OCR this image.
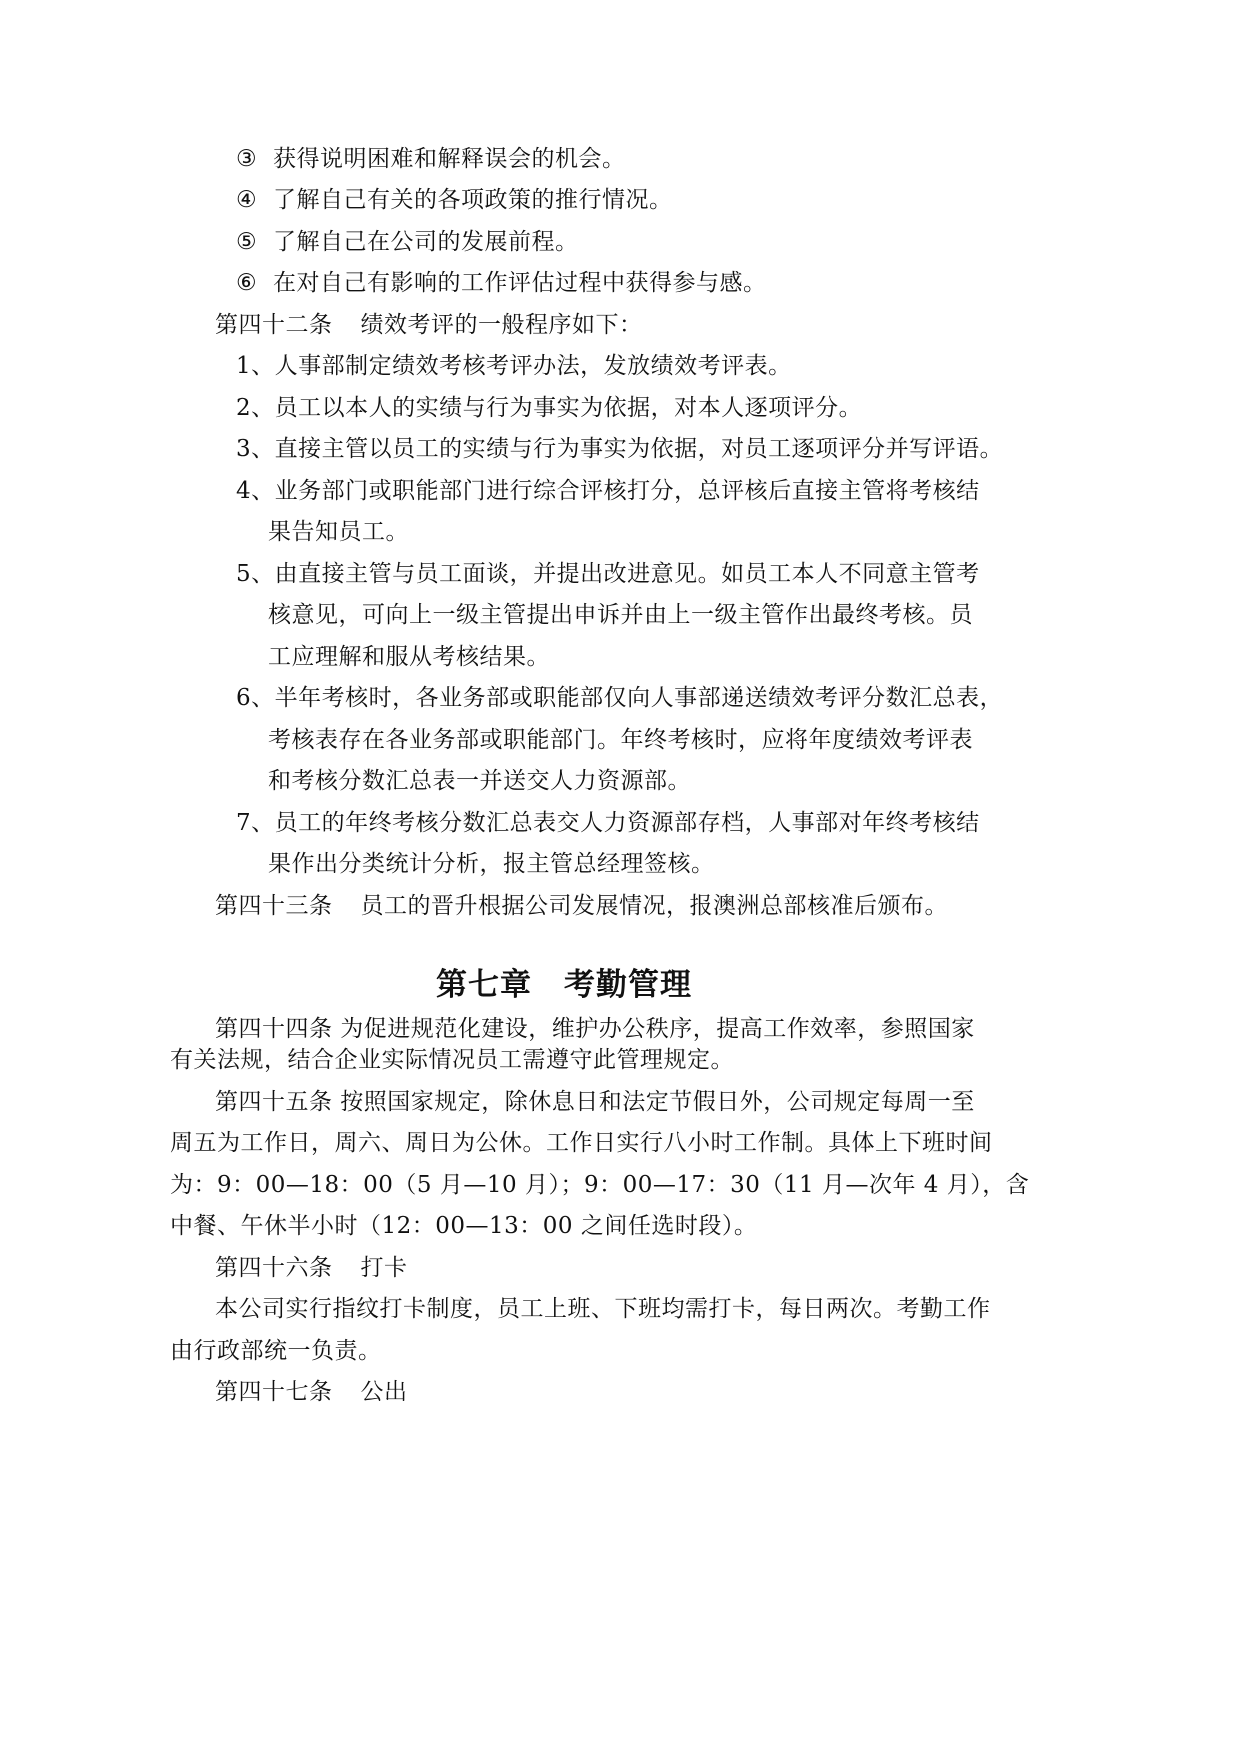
③ 获得说明困难和解释误会的机会。
④ 了解自己有关的各项政策的推行情况。
⑤ 了解自己在公司的发展前程。
⑥ 在对自己有影响的工作评估过程中获得参与感。
第四十二条 绩效考评的一般程序如下：
1、人事部制定绩效考核考评办法，发放绩效考评表。
2、员工以本人的实绩与行为事实为依据，对本人逐项评分。
3、直接主管以员工的实绩与行为事实为依据，对员工逐项评分并写评语。
4、业务部门或职能部门进行综合评核打分，总评核后直接主管将考核结
果告知员工。
5、由直接主管与员工面谈，并提出改进意见。如员工本人不同意主管考
核意见，可向上一级主管提出申诉并由上一级主管作出最终考核。员
工应理解和服从考核结果。
6、半年考核时，各业务部或职能部仅向人事部递送绩效考评分数汇总表，
考核表存在各业务部或职能部门。年终考核时，应将年度绩效考评表
和考核分数汇总表一并送交人力资源部。
7、员工的年终考核分数汇总表交人力资源部存档，人事部对年终考核结
果作出分类统计分析，报主管总经理签核。
第四十三条 员工的晋升根据公司发展情况，报澳洲总部核准后颁布。
第七章　考勤管理
第四十四条 为促进规范化建设，维护办公秩序，提高工作效率，参照国家
有关法规，结合企业实际情况员工需遵守此管理规定。
第四十五条 按照国家规定，除休息日和法定节假日外，公司规定每周一至
周五为工作日，周六、周日为公休。工作日实行八小时工作制。具体上下班时间
为：9：00—18：00（5 月—10 月）；9：00—17：30（11 月—次年 4 月），含
中餐、午休半小时（12：00—13：00 之间任选时段）。
第四十六条 打卡
本公司实行指纹打卡制度，员工上班、下班均需打卡，每日两次。考勤工作
由行政部统一负责。
第四十七条 公出
